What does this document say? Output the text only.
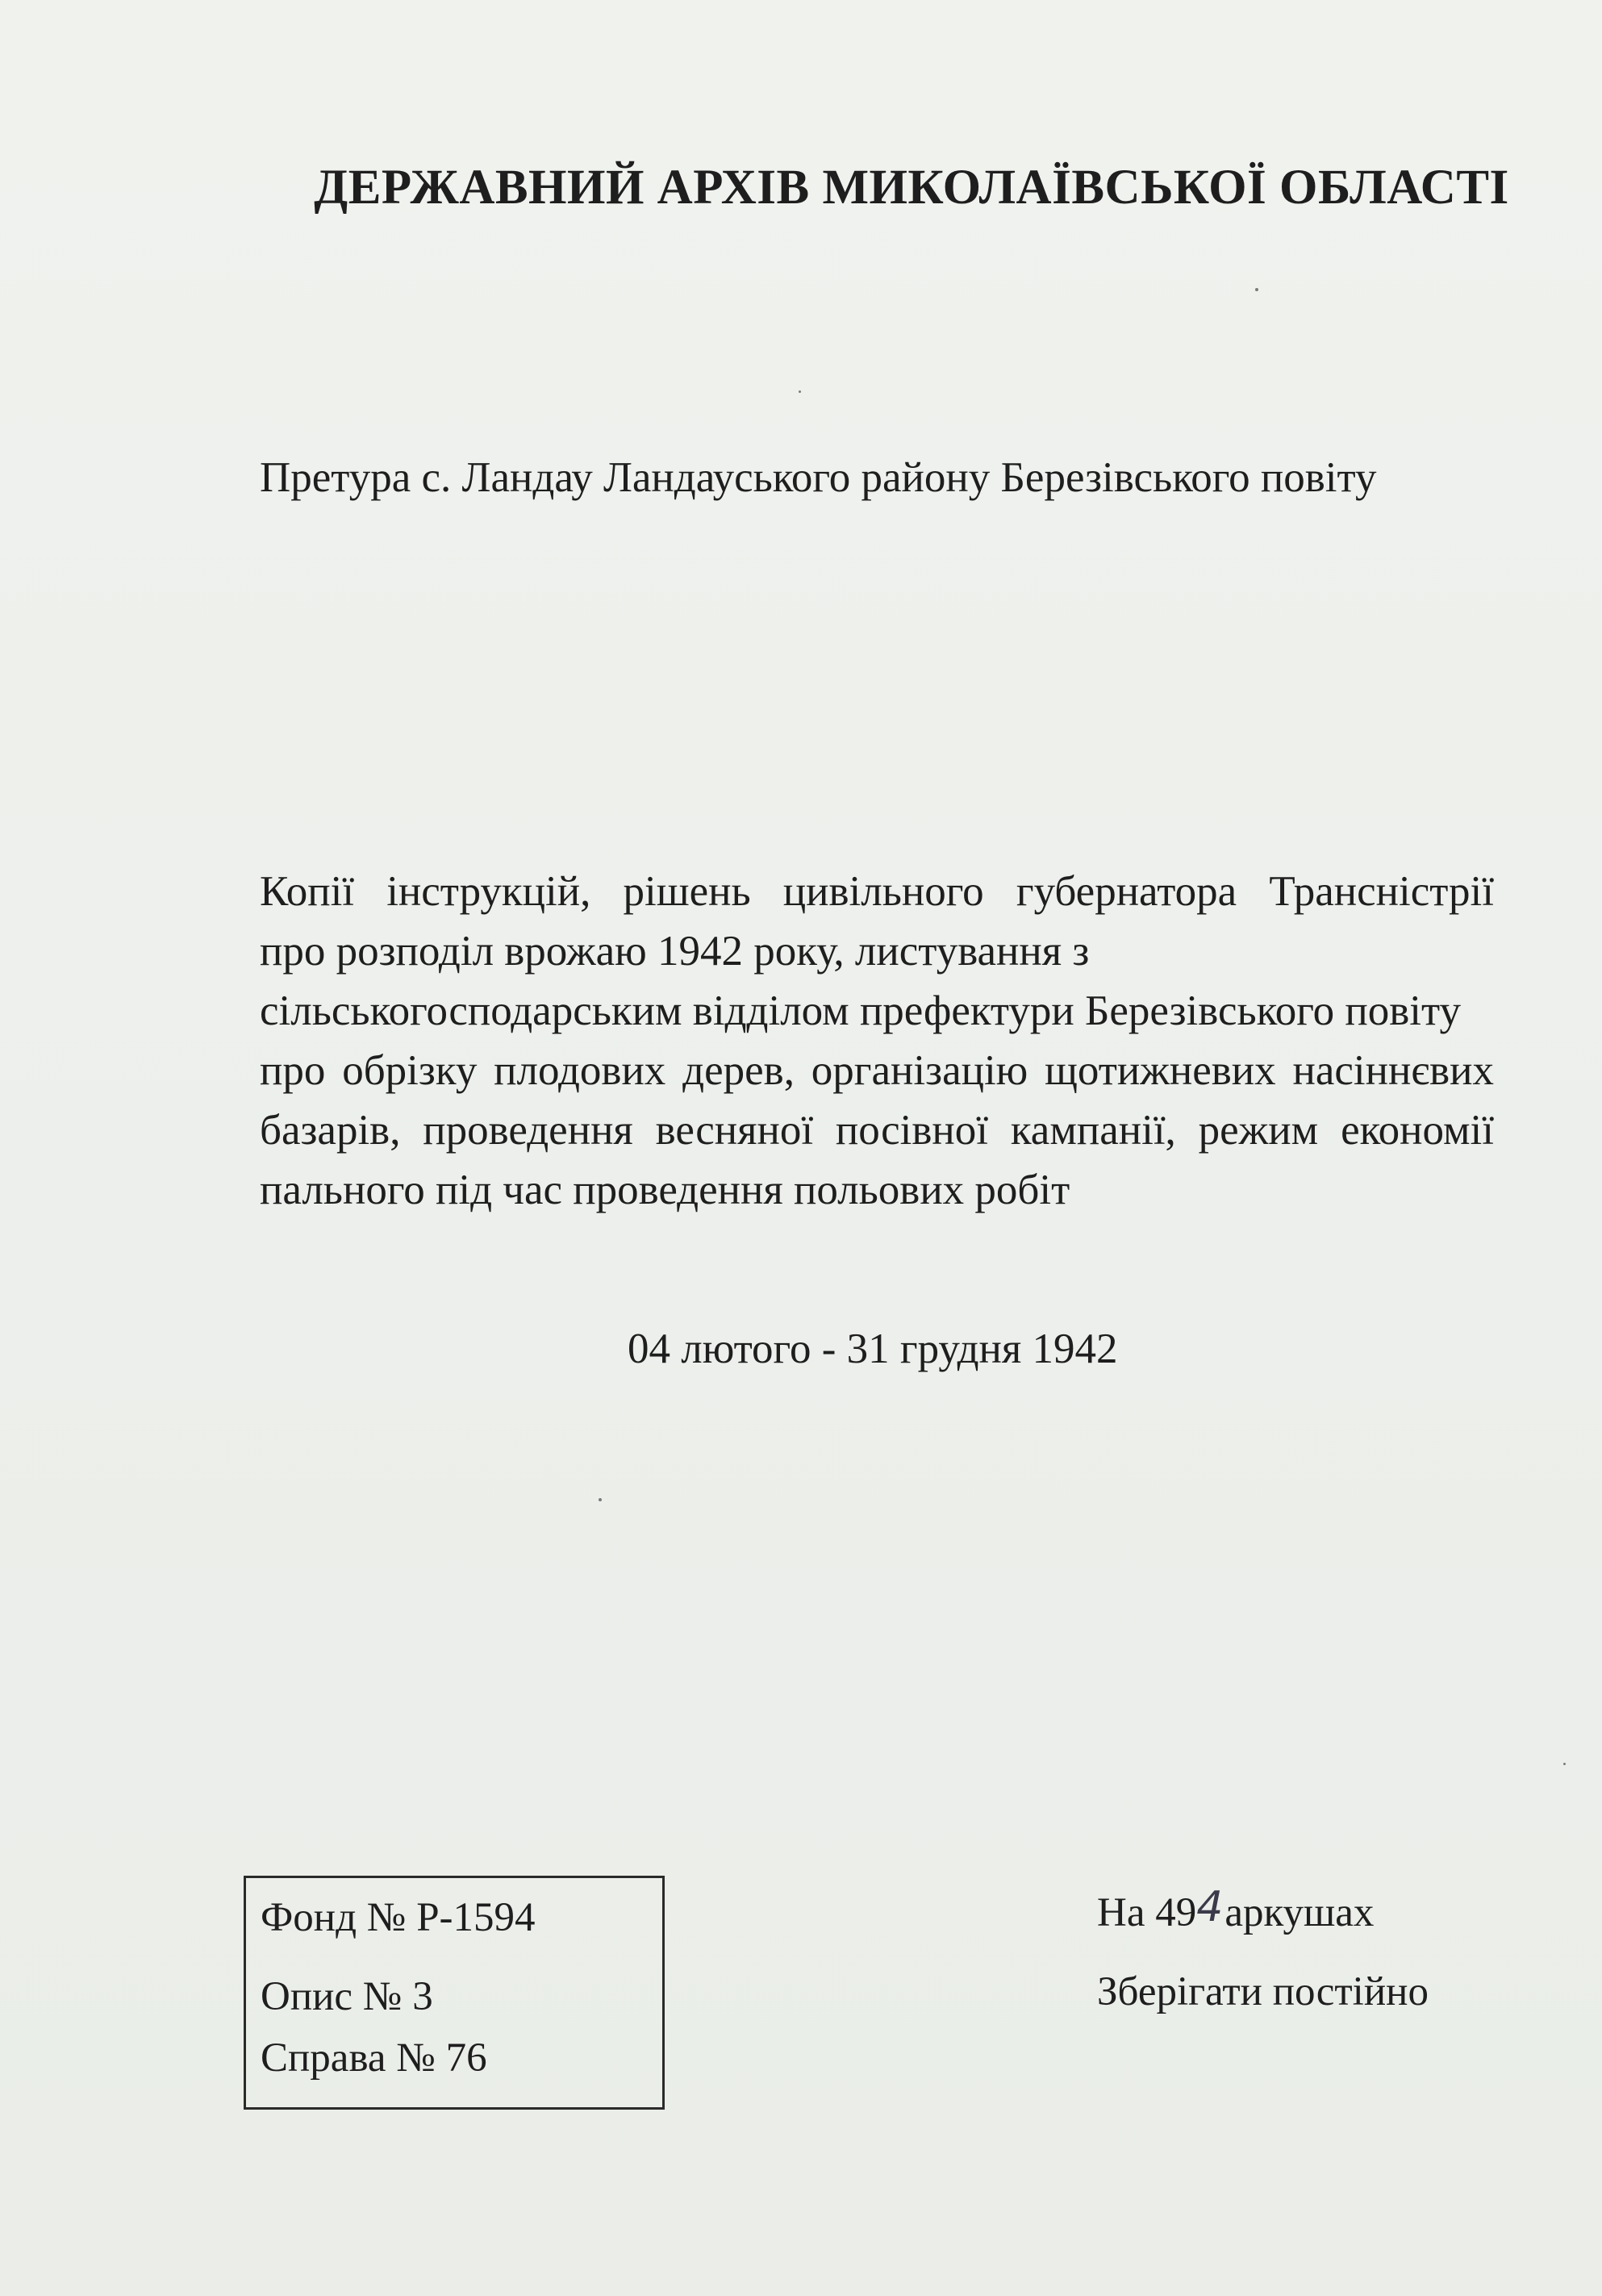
ДЕРЖАВНИЙ АРХІВ МИКОЛАЇВСЬКОЇ ОБЛАСТІ
Претура с. Ландау Ландауського району Березівського повіту
Копії інструкцій, рішень цивільного губернатора Трансністрії
про розподіл врожаю 1942 року, листування з
сільськогосподарським відділом префектури Березівського повіту
про обрізку плодових дерев, організацію щотижневих насіннєвих
базарів, проведення весняної посівної кампанії, режим економії
пального під час проведення польових робіт
04 лютого - 31 грудня 1942
Фонд № Р-1594
Опис № 3
Справа № 76
На 494аркушах
Зберігати постійно
